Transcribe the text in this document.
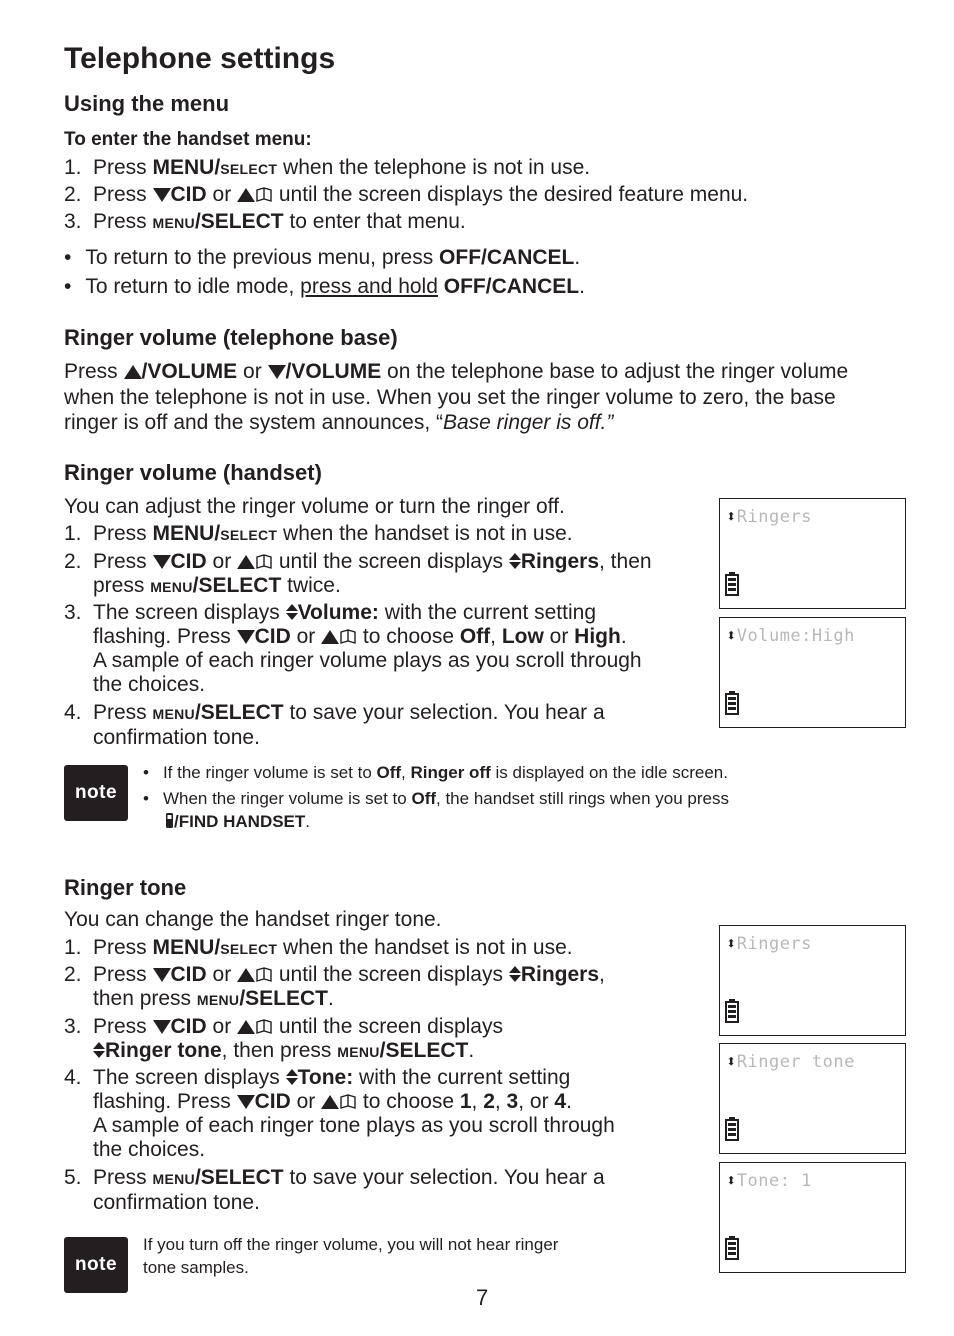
Telephone settings
Using the menu
To enter the handset menu:
1. Press MENU/SELECT when the telephone is not in use.
2. Press CID or  until the screen displays the desired feature menu.
3. Press MENU/SELECT to enter that menu.
• To return to the previous menu, press OFF/CANCEL.
• To return to idle mode, press and hold OFF/CANCEL.
Ringer volume (telephone base)
Press /VOLUME or /VOLUME on the telephone base to adjust the ringer volume
when the telephone is not in use. When you set the ringer volume to zero, the base
ringer is off and the system announces, “Base ringer is off.”
Ringer volume (handset)
You can adjust the ringer volume or turn the ringer off.
1. Press MENU/SELECT when the handset is not in use.
2. Press CID or  until the screen displays Ringers, then
press MENU/SELECT twice.
3. The screen displays Volume: with the current setting
flashing. Press CID or  to choose Off, Low or High.
A sample of each ringer volume plays as you scroll through
the choices.
4. Press MENU/SELECT to save your selection. You hear a
confirmation tone.
⬍Ringers
⬍Volume:High
note
• If the ringer volume is set to Off, Ringer off is displayed on the idle screen.
• When the ringer volume is set to Off, the handset still rings when you press
/FIND HANDSET.
Ringer tone
You can change the handset ringer tone.
1. Press MENU/SELECT when the handset is not in use.
2. Press CID or  until the screen displays Ringers,
then press MENU/SELECT.
3. Press CID or  until the screen displays
Ringer tone, then press MENU/SELECT.
4. The screen displays Tone: with the current setting
flashing. Press CID or  to choose 1, 2, 3, or 4.
A sample of each ringer tone plays as you scroll through
the choices.
5. Press MENU/SELECT to save your selection. You hear a
confirmation tone.
⬍Ringers
⬍Ringer tone
⬍Tone: 1
note
If you turn off the ringer volume, you will not hear ringer
tone samples.
7
